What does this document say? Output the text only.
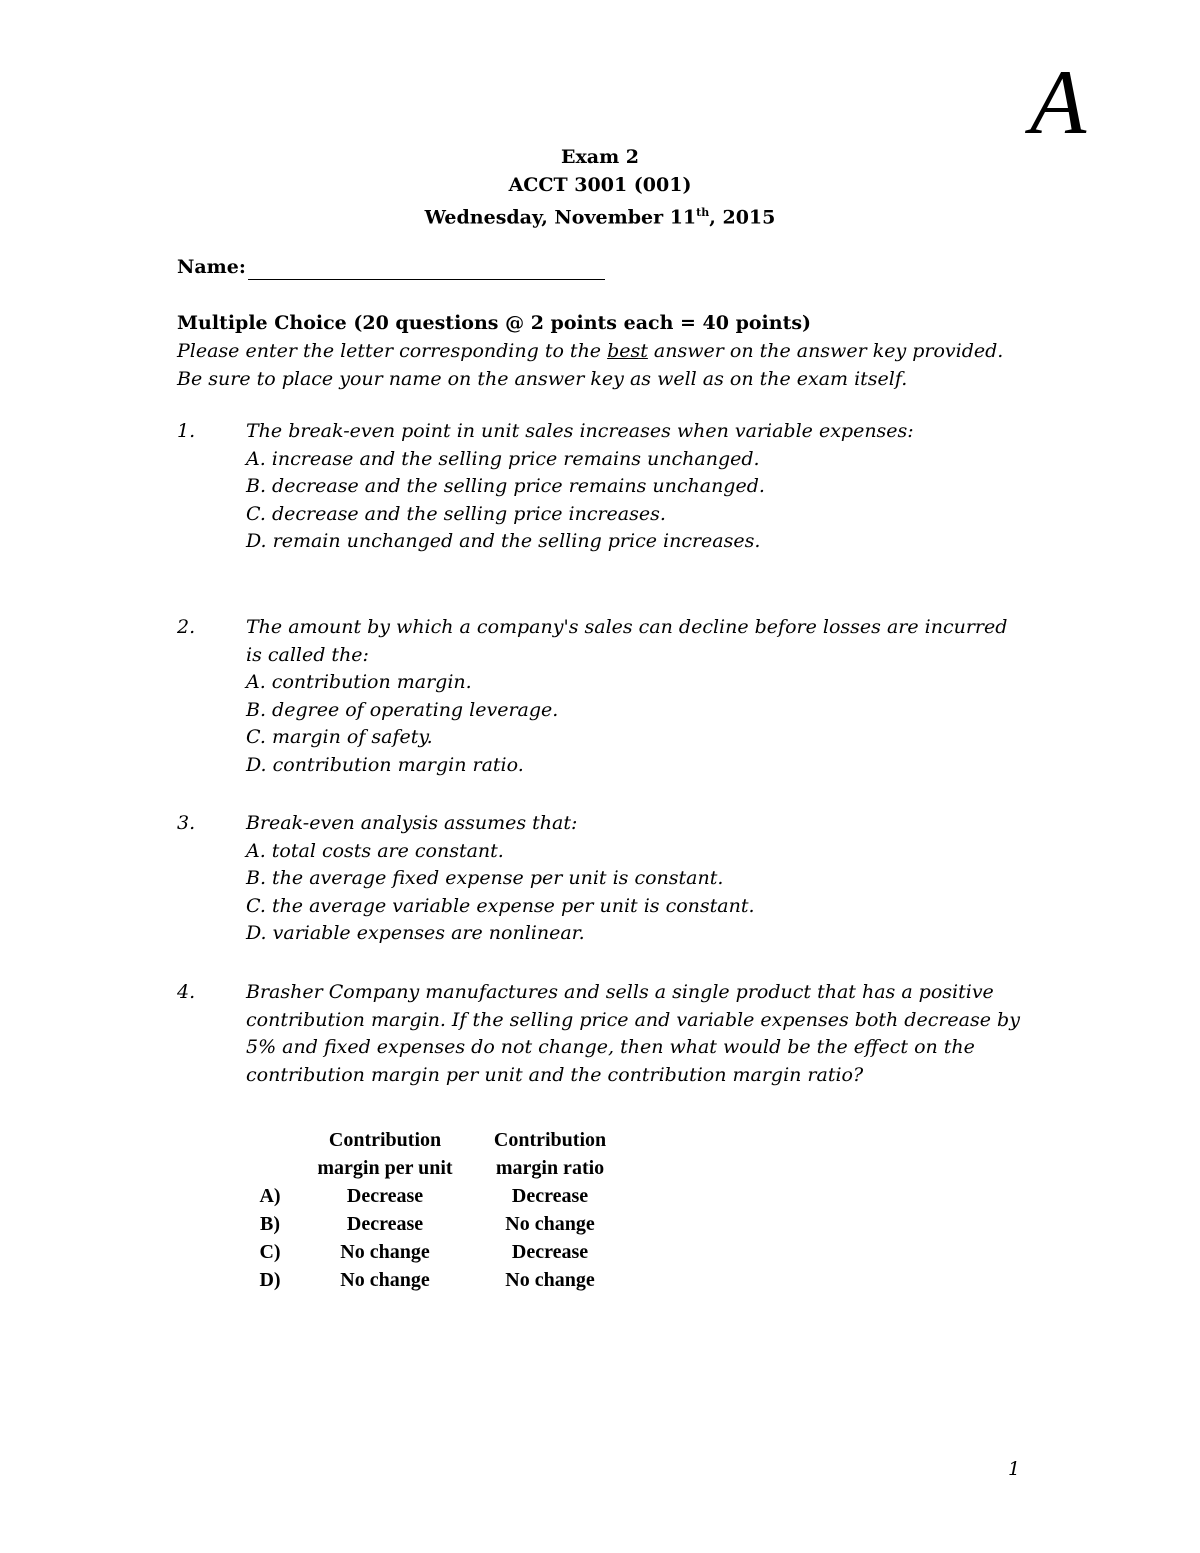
A
Exam 2
ACCT 3001 (001)
Wednesday, November 11th, 2015
Name:
Multiple Choice (20 questions @ 2 points each = 40 points)
Please enter the letter corresponding to the best answer on the answer key provided.
Be sure to place your name on the answer key as well as on the exam itself.
1.	The break-even point in unit sales increases when variable expenses:
A. increase and the selling price remains unchanged.
B. decrease and the selling price remains unchanged.
C. decrease and the selling price increases.
D. remain unchanged and the selling price increases.
2.	The amount by which a company's sales can decline before losses are incurred
is called the:
A. contribution margin.
B. degree of operating leverage.
C. margin of safety.
D. contribution margin ratio.
3.	Break-even analysis assumes that:
A. total costs are constant.
B. the average fixed expense per unit is constant.
C. the average variable expense per unit is constant.
D. variable expenses are nonlinear.
4.	Brasher Company manufactures and sells a single product that has a positive
contribution margin. If the selling price and variable expenses both decrease by
5% and fixed expenses do not change, then what would be the effect on the
contribution margin per unit and the contribution margin ratio?
	Contribution	Contribution
	margin per unit	margin ratio
A)	Decrease	Decrease
B)	Decrease	No change
C)	No change	Decrease
D)	No change	No change
1
